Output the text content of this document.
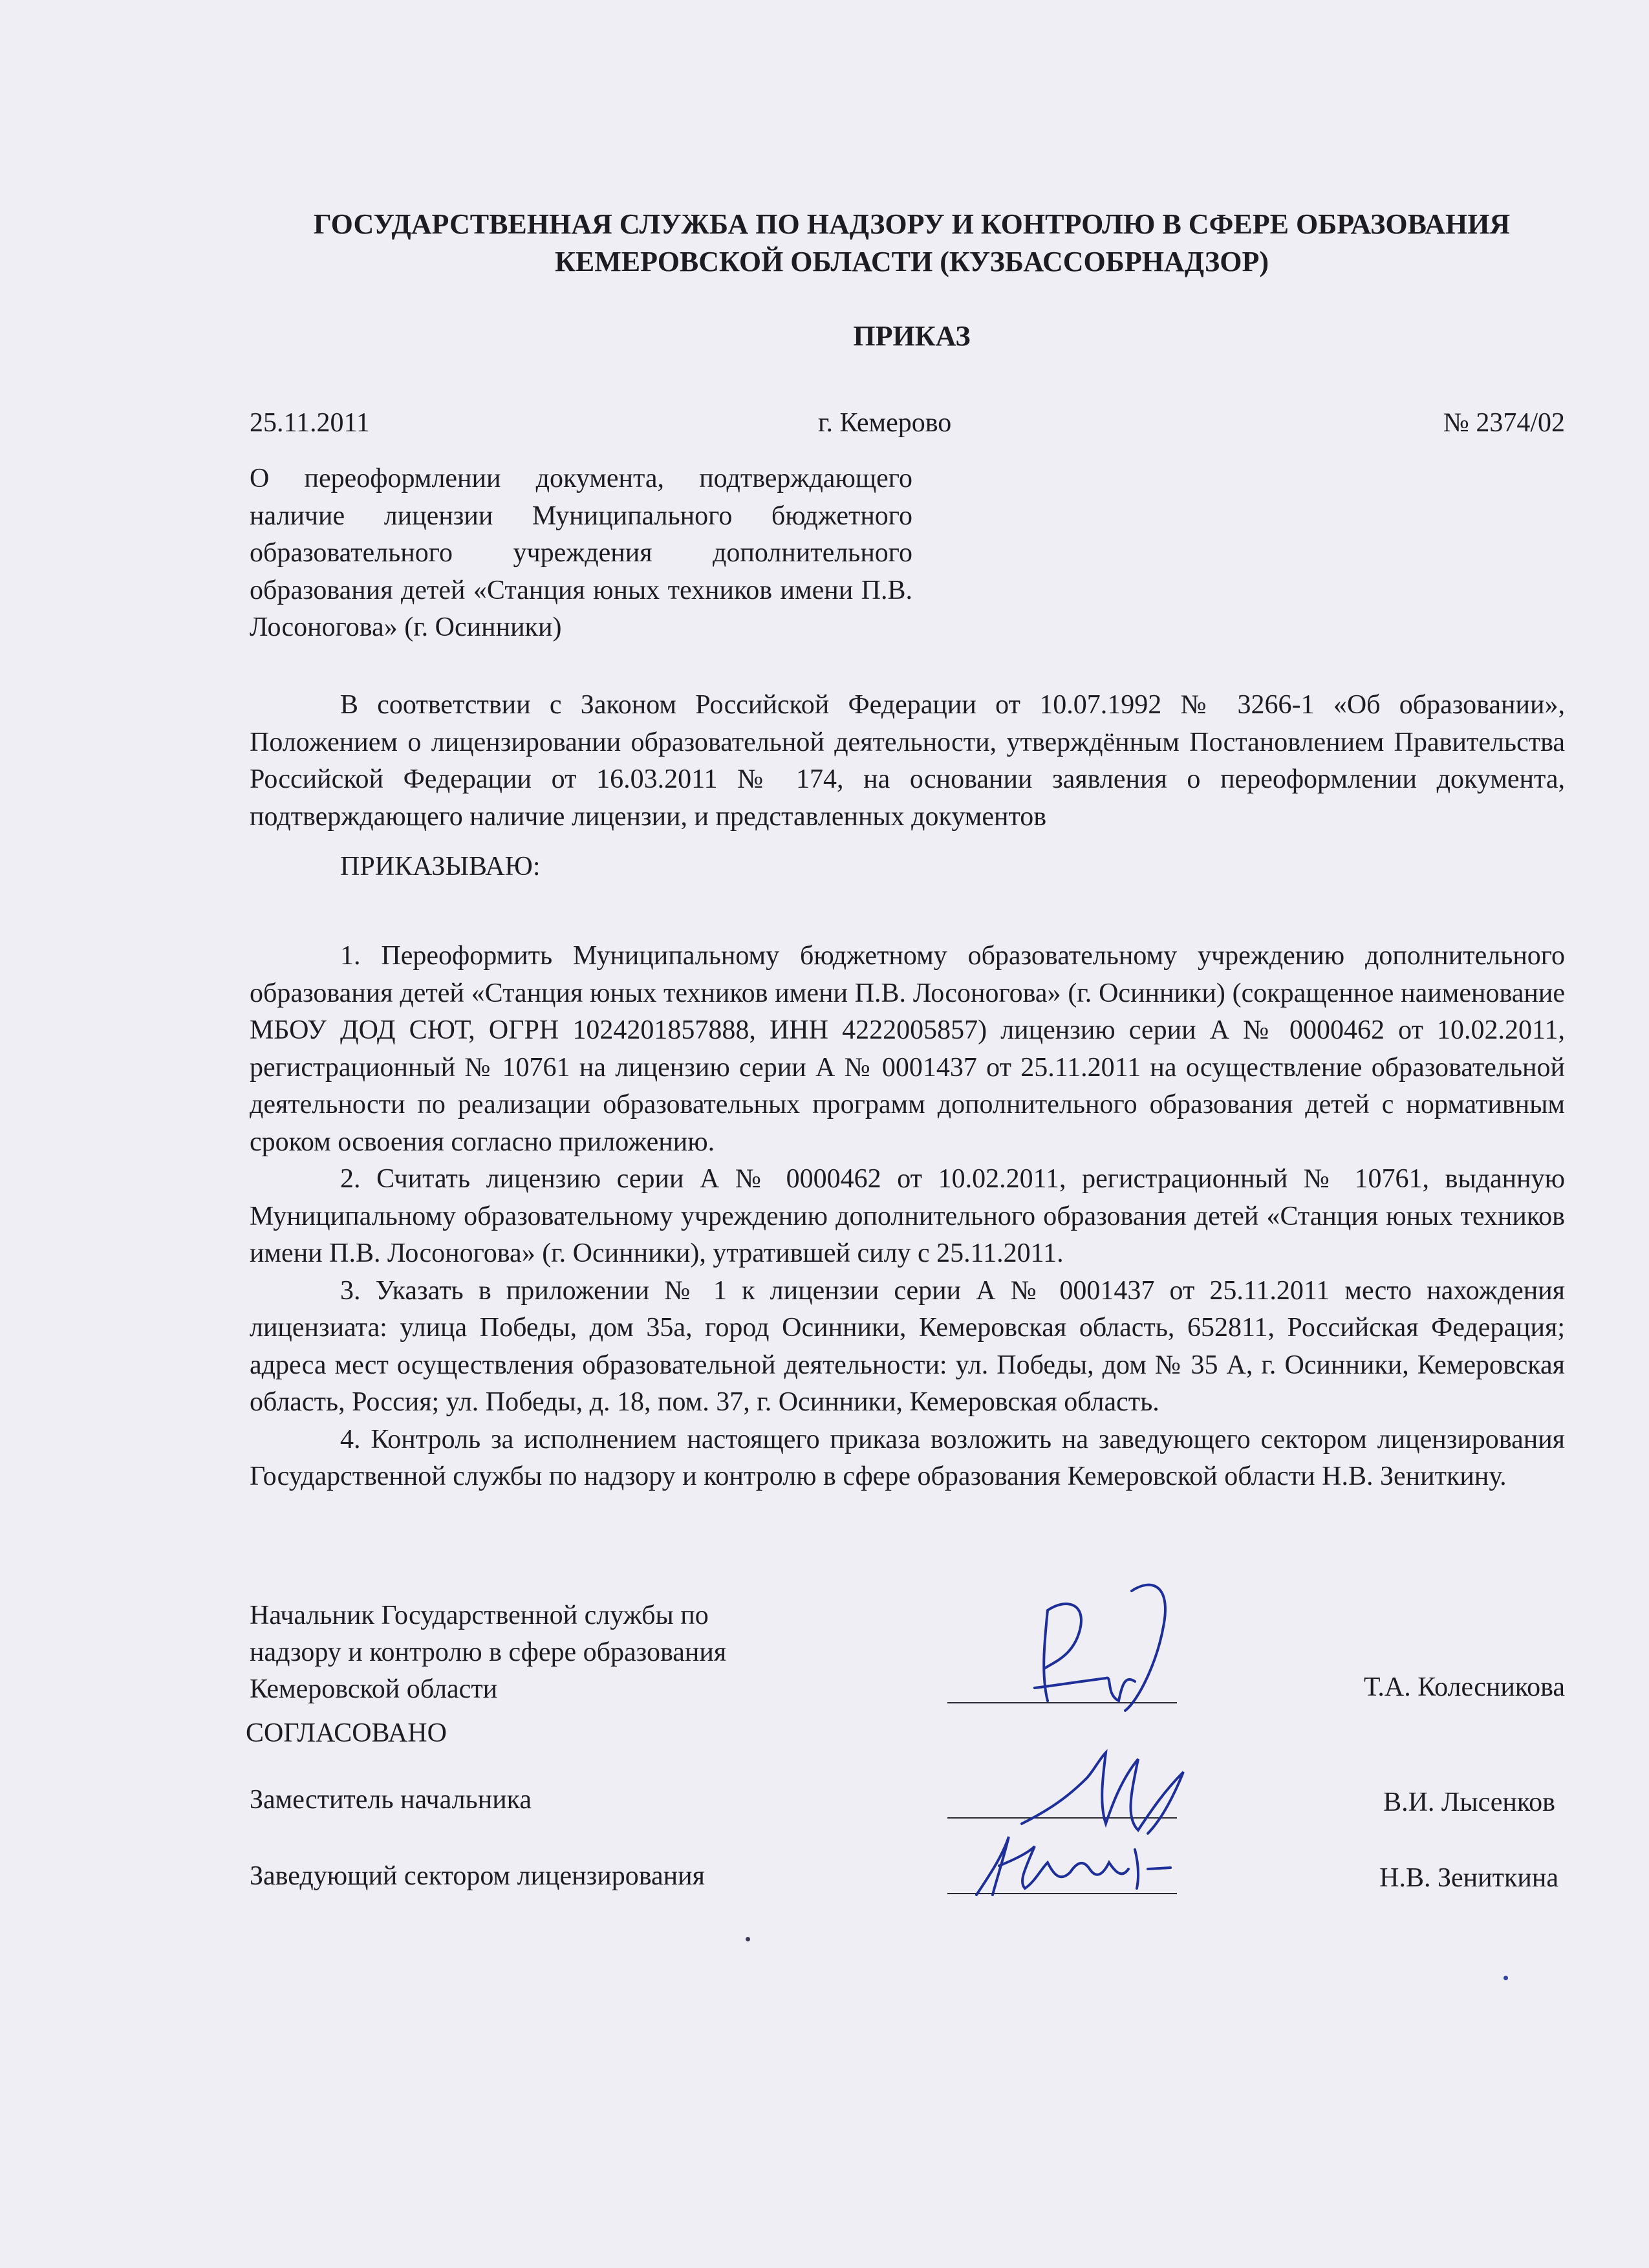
ГОСУДАРСТВЕННАЯ СЛУЖБА ПО НАДЗОРУ И КОНТРОЛЮ В СФЕРЕ ОБРАЗОВАНИЯ
КЕМЕРОВСКОЙ ОБЛАСТИ (КУЗБАССОБРНАДЗОР)
ПРИКАЗ
25.11.2011	г. Кемерово	№ 2374/02
О переоформлении документа, подтверждающего наличие лицензии Муниципального бюджетного образовательного учреждения дополнительного образования детей «Станция юных техников имени П.В. Лосоногова» (г. Осинники)

В соответствии с Законом Российской Федерации от 10.07.1992 № 3266-1 «Об образовании», Положением о лицензировании образовательной деятельности, утверждённым Постановлением Правительства Российской Федерации от 16.03.2011 № 174, на основании заявления о переоформлении документа, подтверждающего наличие лицензии, и представленных документов

ПРИКАЗЫВАЮ:

1. Переоформить Муниципальному бюджетному образовательному учреждению дополнительного образования детей «Станция юных техников имени П.В. Лосоногова» (г. Осинники) (сокращенное наименование МБОУ ДОД СЮТ, ОГРН 1024201857888, ИНН 4222005857) лицензию серии А № 0000462 от 10.02.2011, регистрационный № 10761 на лицензию серии А № 0001437 от 25.11.2011 на осуществление образовательной деятельности по реализации образовательных программ дополнительного образования детей с нормативным сроком освоения согласно приложению.

2. Считать лицензию серии А № 0000462 от 10.02.2011, регистрационный № 10761, выданную Муниципальному образовательному учреждению дополнительного образования детей «Станция юных техников имени П.В. Лосоногова» (г. Осинники), утратившей силу с 25.11.2011.

3. Указать в приложении № 1 к лицензии серии А № 0001437 от 25.11.2011 место нахождения лицензиата: улица Победы, дом 35а, город Осинники, Кемеровская область, 652811, Российская Федерация; адреса мест осуществления образовательной деятельности: ул. Победы, дом № 35 А, г. Осинники, Кемеровская область, Россия; ул. Победы, д. 18, пом. 37, г. Осинники, Кемеровская область.

4. Контроль за исполнением настоящего приказа возложить на заведующего сектором лицензирования Государственной службы по надзору и контролю в сфере образования Кемеровской области Н.В. Зениткину.

Начальник Государственной службы по
надзору и контролю в сфере образования
Кемеровской области	Т.А. Колесникова
СОГЛАСОВАНО
Заместитель начальника	В.И. Лысенков
Заведующий сектором лицензирования	Н.В. Зениткина
